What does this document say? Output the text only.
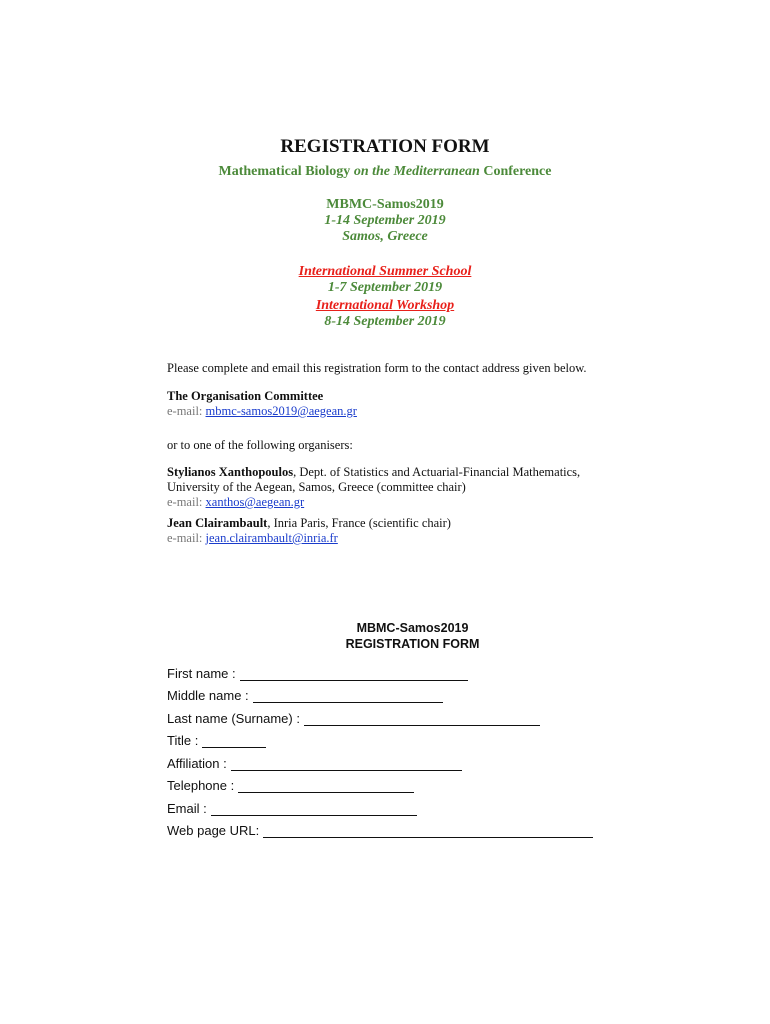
REGISTRATION FORM
Mathematical Biology on the Mediterranean Conference
MBMC-Samos2019
1-14 September 2019
Samos, Greece
International Summer School
1-7 September 2019
International Workshop
8-14 September 2019
Please complete and email this registration form to the contact address given below.
The Organisation Committee
e-mail: mbmc-samos2019@aegean.gr
or to one of the following organisers:
Stylianos Xanthopoulos, Dept. of Statistics and Actuarial-Financial Mathematics,
University of the Aegean, Samos, Greece (committee chair)
e-mail: xanthos@aegean.gr
Jean Clairambault, Inria Paris, France (scientific chair)
e-mail: jean.clairambault@inria.fr
MBMC-Samos2019
REGISTRATION FORM
First name :
Middle name :
Last name (Surname) :
Title :
Affiliation :
Telephone :
Email :
Web page URL:
